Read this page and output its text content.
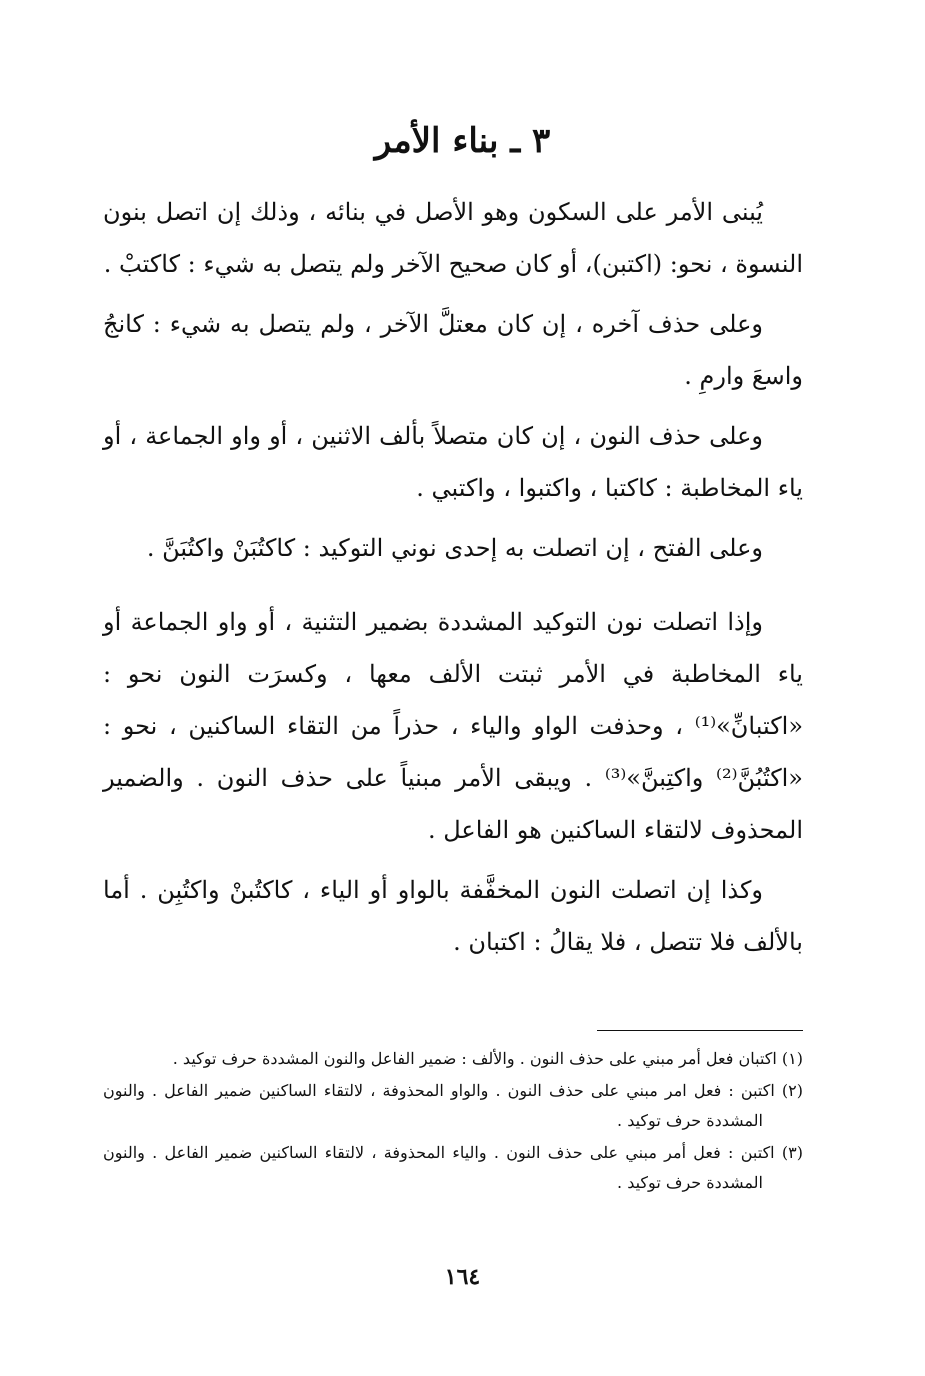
٣ ـ بناء الأمر

يُبنى الأمر على السكون وهو الأصل في بنائه ، وذلك إن اتصل بنون النسوة ، نحو: (اكتبن)، أو كان صحيح الآخر ولم يتصل به شيء : كاكتبْ .

وعلى حذف آخره ، إن كان معتلَّ الآخر ، ولم يتصل به شيء : كانجُ واسعَ وارمِ .

وعلى حذف النون ، إن كان متصلاً بألف الاثنين ، أو واو الجماعة ، أو ياء المخاطبة : كاكتبا ، واكتبوا ، واكتبي .

وعلى الفتح ، إن اتصلت به إحدى نوني التوكيد : كاكتُبَنْ واكتُبَنَّ .

وإذا اتصلت نون التوكيد المشددة بضمير التثنية ، أو واو الجماعة أو ياء المخاطبة في الأمر ثبتت الألف معها ، وكسرَت النون نحو : «اكتبانِّ»⁽¹⁾ ، وحذفت الواو والياء ، حذراً من التقاء الساكنين ، نحو : «اكتُبُنَّ⁽²⁾ واكتِبنَّ»⁽³⁾ . ويبقى الأمر مبنياً على حذف النون . والضمير المحذوف لالتقاء الساكنين هو الفاعل .

وكذا إن اتصلت النون المخفَّفة بالواو أو الياء ، كاكتُبنْ واكتُبِن . أما بالألف فلا تتصل ، فلا يقالُ : اكتبان .

(١) اكتبان فعل أمر مبني على حذف النون . والألف : ضمير الفاعل والنون المشددة حرف توكيد .

(٢) اكتبن : فعل امر مبني على حذف النون . والواو المحذوفة ، لالتقاء الساكنين ضمير الفاعل . والنون المشددة حرف توكيد .

(٣) اكتبن : فعل أمر مبني على حذف النون . والياء المحذوفة ، لالتقاء الساكنين ضمير الفاعل . والنون المشددة حرف توكيد .

١٦٤
